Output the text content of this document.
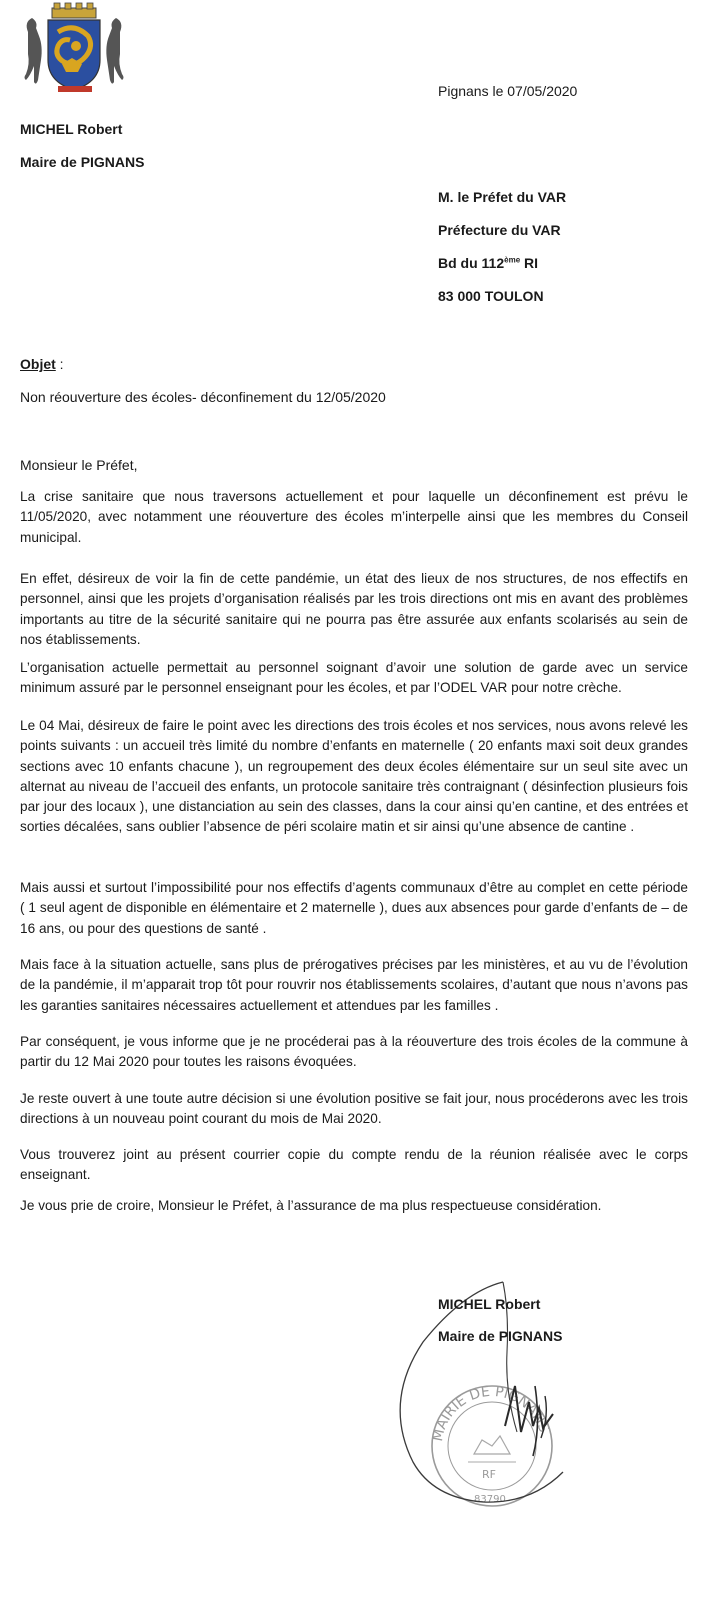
Pignans le 07/05/2020
MICHEL Robert
Maire de PIGNANS
M. le Préfet du VAR
Préfecture du VAR
Bd du 112ème RI
83 000 TOULON
Objet :
Non réouverture des écoles- déconfinement du 12/05/2020
Monsieur le Préfet,

La crise sanitaire que nous traversons actuellement et pour laquelle un déconfinement est prévu le 11/05/2020, avec notamment une réouverture des écoles m’interpelle ainsi que les membres du Conseil municipal.

En effet, désireux de voir la fin de cette pandémie, un état des lieux de nos structures, de nos effectifs en personnel, ainsi que les projets d’organisation réalisés par les trois directions ont mis en avant des problèmes importants au titre de la sécurité sanitaire qui ne pourra pas être assurée aux enfants scolarisés au sein de nos établissements.

L’organisation actuelle permettait au personnel soignant d’avoir une solution de garde avec un service minimum assuré par le personnel enseignant pour les écoles, et par l’ODEL VAR pour notre crèche.

Le 04 Mai, désireux de faire le point avec les directions des trois écoles et nos services, nous avons relevé les points suivants : un accueil très limité du nombre d’enfants en maternelle ( 20 enfants maxi soit deux grandes sections avec 10 enfants chacune ), un regroupement des deux écoles élémentaire sur un seul site avec un alternat au niveau de l’accueil des enfants, un protocole sanitaire très contraignant ( désinfection plusieurs fois par jour des locaux ), une distanciation au sein des classes, dans la cour ainsi qu’en cantine, et des entrées et sorties décalées, sans oublier l’absence de péri scolaire matin et sir ainsi qu’une absence de cantine .

Mais aussi et surtout l’impossibilité pour nos effectifs d’agents communaux d’être au complet en cette période ( 1 seul agent de disponible en élémentaire et 2 maternelle ), dues aux absences pour garde d’enfants de – de 16 ans, ou pour des questions de santé .

Mais face à la situation actuelle, sans plus de prérogatives précises par les ministères, et au vu de l’évolution de la pandémie, il m’apparait trop tôt pour rouvrir nos établissements scolaires, d’autant que nous n’avons pas les garanties sanitaires nécessaires actuellement et attendues par les familles .

Par conséquent, je vous informe que je ne procéderai pas à la réouverture des trois écoles de la commune à partir du 12 Mai 2020 pour toutes les raisons évoquées.

Je reste ouvert à une toute autre décision si une évolution positive se fait jour, nous procéderons avec les trois directions à un nouveau point courant du mois de Mai 2020.

Vous trouverez joint au présent courrier copie du compte rendu de la réunion réalisée avec le corps enseignant.

Je vous prie de croire, Monsieur le Préfet, à l’assurance de ma plus respectueuse considération.

MAIRIE DE PIGNANS
RF
83790
MICHEL Robert
Maire de PIGNANS
